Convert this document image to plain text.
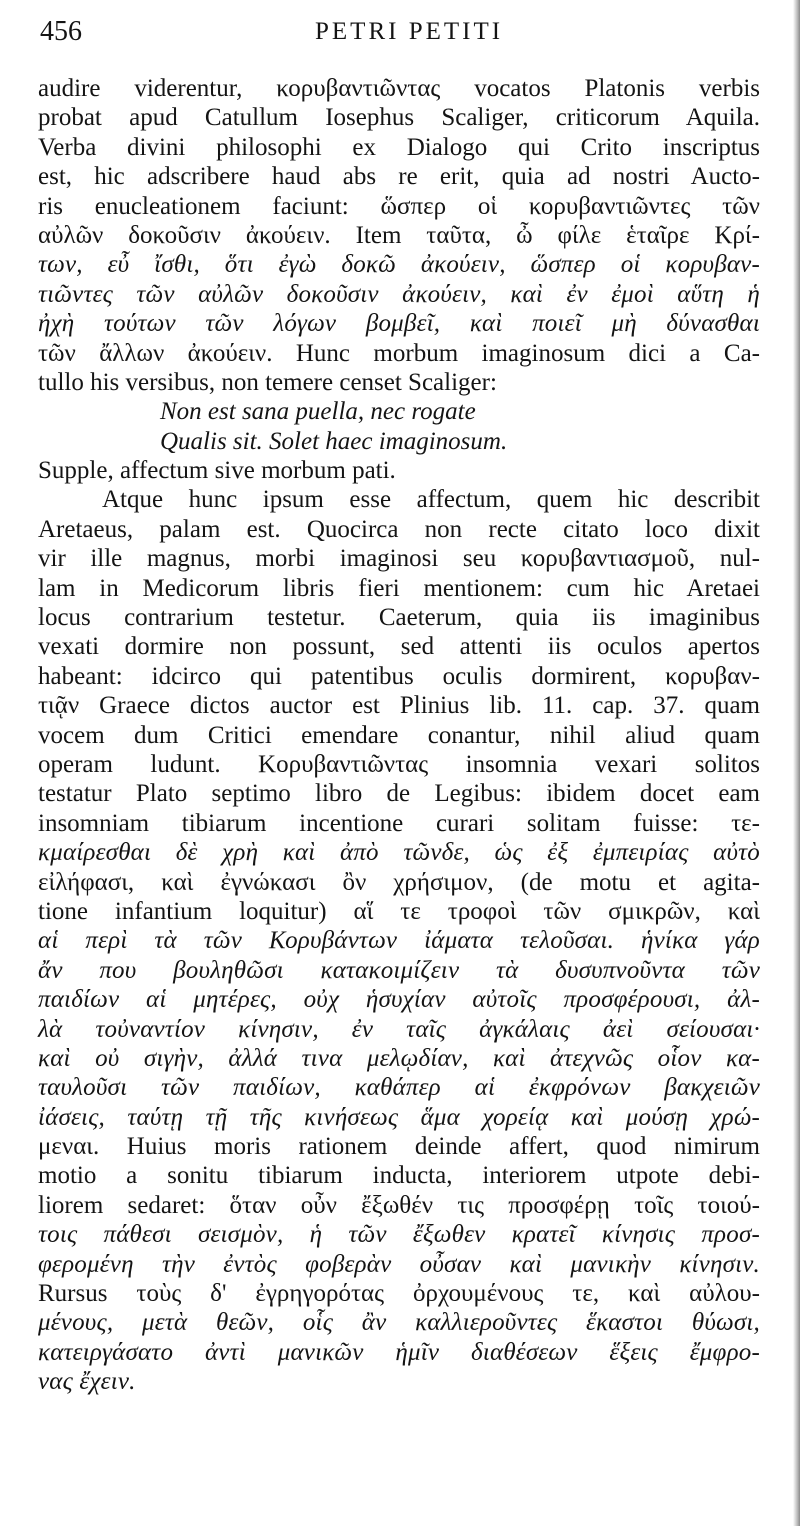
456	PETRI PETITI
audire viderentur, κορυβαντιῶντας vocatos Platonis verbis
probat apud Catullum Iosephus Scaliger, criticorum Aquila.
Verba divini philosophi ex Dialogo qui Crito inscriptus
est, hic adscribere haud abs re erit, quia ad nostri Aucto-
ris enucleationem faciunt: ὥσπερ οἱ κορυβαντιῶντες τῶν
αὐλῶν δοκοῦσιν ἀκούειν. Item ταῦτα, ὦ φίλε ἑταῖρε Κρί-
των, εὖ ἴσθι, ὅτι ἐγὼ δοκῶ ἀκούειν, ὥσπερ οἱ κορυβαν-
τιῶντες τῶν αὐλῶν δοκοῦσιν ἀκούειν, καὶ ἐν ἐμοὶ αὕτη ἡ
ἠχὴ τούτων τῶν λόγων βομβεῖ, καὶ ποιεῖ μὴ δύνασθαι
τῶν ἄλλων ἀκούειν. Hunc morbum imaginosum dici a Ca-
tullo his versibus, non temere censet Scaliger:
Non est sana puella, nec rogate
Qualis sit. Solet haec imaginosum.
Supple, affectum sive morbum pati.
Atque hunc ipsum esse affectum, quem hic describit
Aretaeus, palam est. Quocirca non recte citato loco dixit
vir ille magnus, morbi imaginosi seu κορυβαντιασμοῦ, nul-
lam in Medicorum libris fieri mentionem: cum hic Aretaei
locus contrarium testetur. Caeterum, quia iis imaginibus
vexati dormire non possunt, sed attenti iis oculos apertos
habeant: idcirco qui patentibus oculis dormirent, κορυβαν-
τιᾷν Graece dictos auctor est Plinius lib. 11. cap. 37. quam
vocem dum Critici emendare conantur, nihil aliud quam
operam ludunt. Κορυβαντιῶντας insomnia vexari solitos
testatur Plato septimo libro de Legibus: ibidem docet eam
insomniam tibiarum incentione curari solitam fuisse: τε-
κμαίρεσθαι δὲ χρὴ καὶ ἀπὸ τῶνδε, ὡς ἐξ ἐμπειρίας αὐτὸ
εἰλήφασι, καὶ ἐγνώκασι ὂν χρήσιμον, (de motu et agita-
tione infantium loquitur) αἵ τε τροφοὶ τῶν σμικρῶν, καὶ
αἱ περὶ τὰ τῶν Κορυβάντων ἰάματα τελοῦσαι. ἡνίκα γάρ
ἄν που βουληθῶσι κατακοιμίζειν τὰ δυσυπνοῦντα τῶν
παιδίων αἱ μητέρες, οὐχ ἡσυχίαν αὐτοῖς προσφέρουσι, ἀλ-
λὰ τοὐναντίον κίνησιν, ἐν ταῖς ἀγκάλαις ἀεὶ σείουσαι·
καὶ οὐ σιγὴν, ἀλλά τινα μελῳδίαν, καὶ ἀτεχνῶς οἷον κα-
ταυλοῦσι τῶν παιδίων, καθάπερ αἱ ἐκφρόνων βακχειῶν
ἰάσεις, ταύτῃ τῇ τῆς κινήσεως ἅμα χορείᾳ καὶ μούσῃ χρώ-
μεναι. Huius moris rationem deinde affert, quod nimirum
motio a sonitu tibiarum inducta, interiorem utpote debi-
liorem sedaret: ὅταν οὖν ἔξωθέν τις προσφέρῃ τοῖς τοιού-
τοις πάθεσι σεισμὸν, ἡ τῶν ἔξωθεν κρατεῖ κίνησις προσ-
φερομένη τὴν ἐντὸς φοβερὰν οὖσαν καὶ μανικὴν κίνησιν.
Rursus τοὺς δ' ἐγρηγορότας ὀρχουμένους τε, καὶ αὐλου-
μένους, μετὰ θεῶν, οἷς ἂν καλλιεροῦντες ἕκαστοι θύωσι,
κατειργάσατο ἀντὶ μανικῶν ἡμῖν διαθέσεων ἕξεις ἔμφρο-
νας ἔχειν.
